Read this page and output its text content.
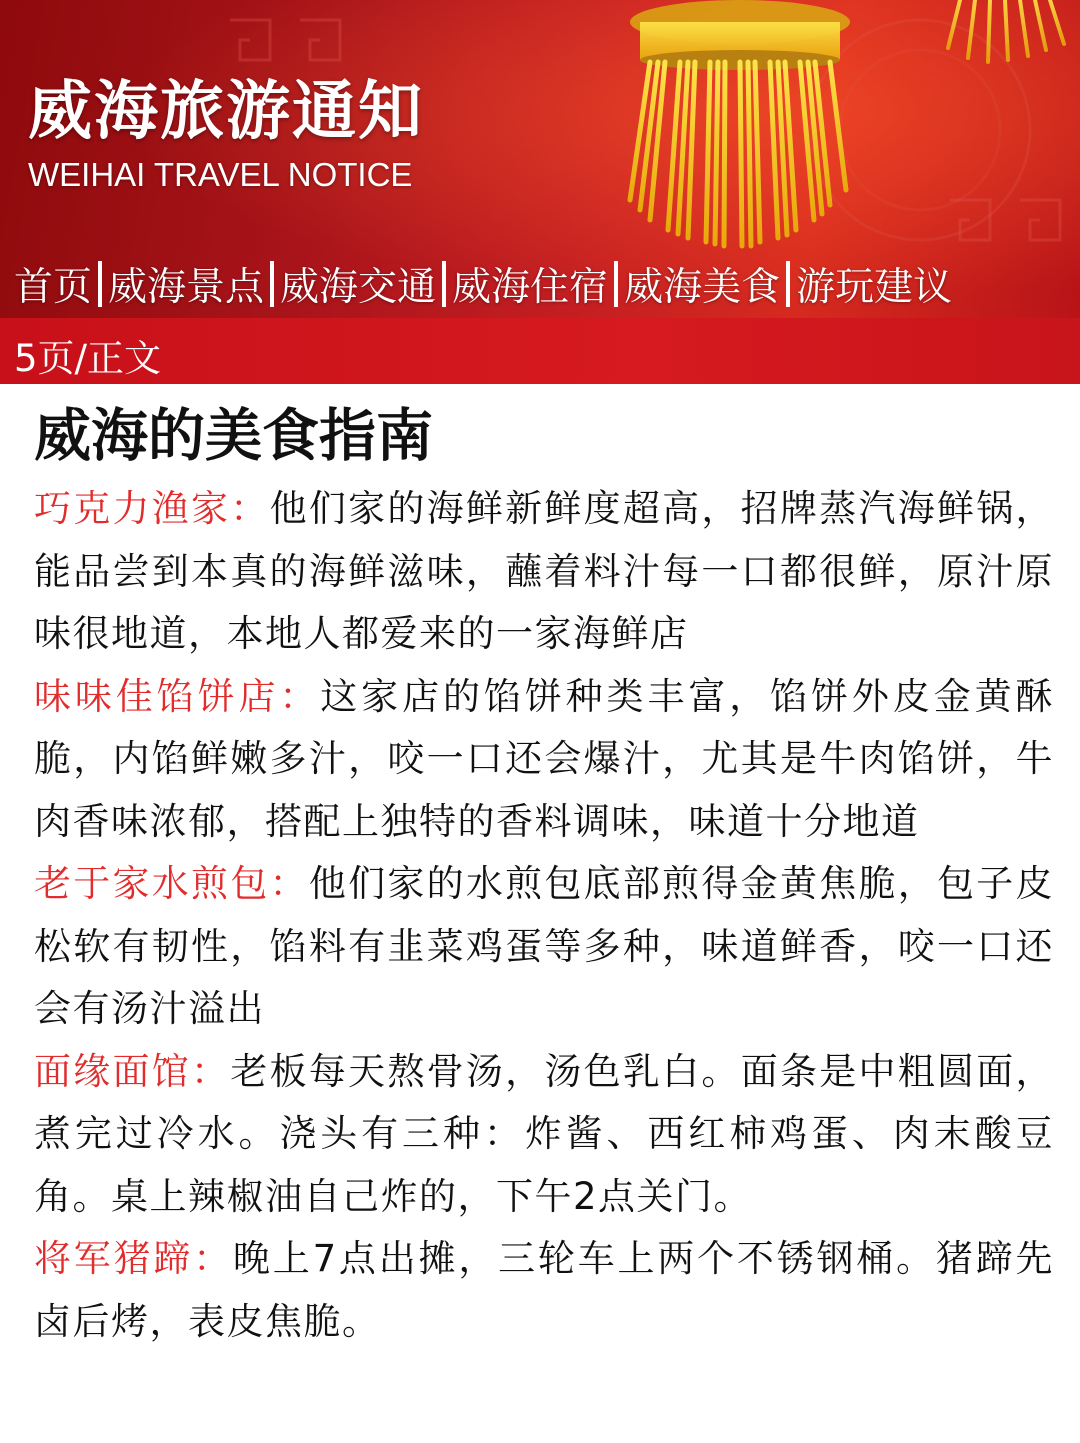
威海旅游通知
WEIHAI TRAVEL NOTICE
首页 威海景点 威海交通 威海住宿 威海美食 游玩建议
5页/正文
威海的美食指南

巧克力渔家：他们家的海鲜新鲜度超高，招牌蒸汽海鲜锅，能品尝到本真的海鲜滋味，蘸着料汁每一口都很鲜，原汁原味很地道，本地人都爱来的一家海鲜店

味味佳馅饼店：这家店的馅饼种类丰富，馅饼外皮金黄酥脆，内馅鲜嫩多汁，咬一口还会爆汁，尤其是牛肉馅饼，牛肉香味浓郁，搭配上独特的香料调味，味道十分地道

老于家水煎包：他们家的水煎包底部煎得金黄焦脆，包子皮松软有韧性，馅料有韭菜鸡蛋等多种，味道鲜香，咬一口还会有汤汁溢出

面缘面馆：老板每天熬骨汤，汤色乳白。面条是中粗圆面，煮完过冷水。浇头有三种：炸酱、西红柿鸡蛋、肉末酸豆角。桌上辣椒油自己炸的，下午2点关门。

将军猪蹄：晚上7点出摊，三轮车上两个不锈钢桶。猪蹄先卤后烤，表皮焦脆。
